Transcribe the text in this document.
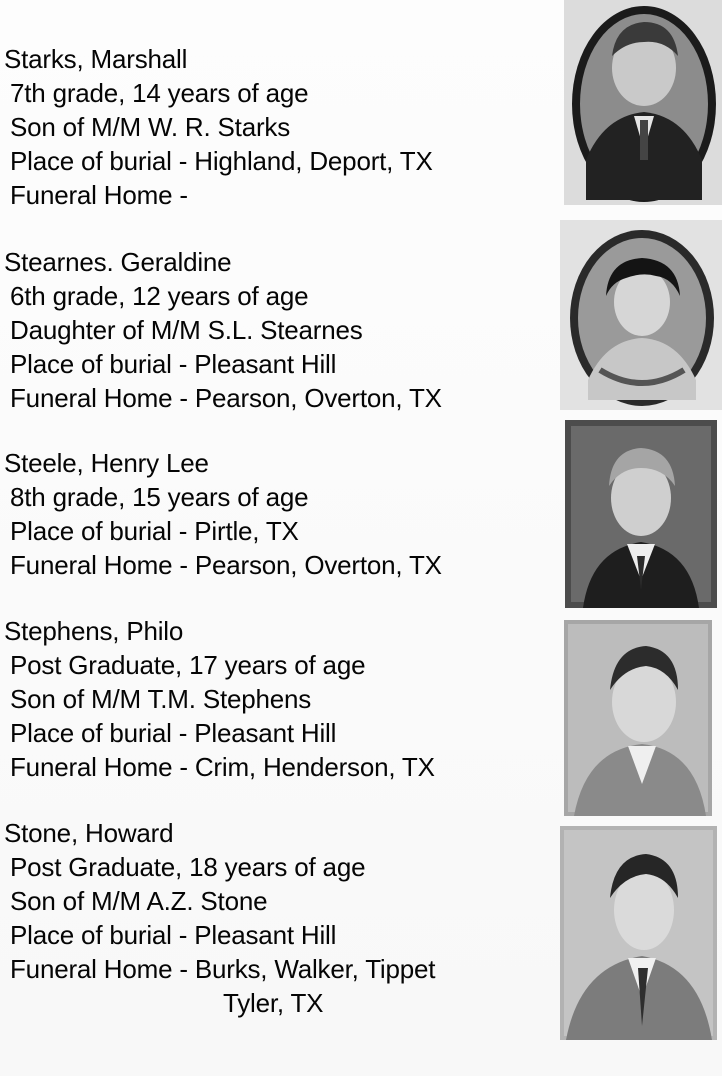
Starks, Marshall
7th grade, 14 years of age
Son of M/M W. R. Starks
Place of burial - Highland, Deport, TX
Funeral Home -
Stearnes. Geraldine
6th grade, 12 years of age
Daughter of M/M S.L. Stearnes
Place of burial - Pleasant Hill
Funeral Home - Pearson, Overton, TX
Steele, Henry Lee
8th grade, 15 years of age
Place of burial - Pirtle, TX
Funeral Home - Pearson, Overton, TX
Stephens, Philo
Post Graduate, 17 years of age
Son of M/M T.M. Stephens
Place of burial - Pleasant Hill
Funeral Home - Crim, Henderson, TX
Stone, Howard
Post Graduate, 18 years of age
Son of M/M A.Z. Stone
Place of burial - Pleasant Hill
Funeral Home - Burks, Walker, Tippet
Tyler, TX
